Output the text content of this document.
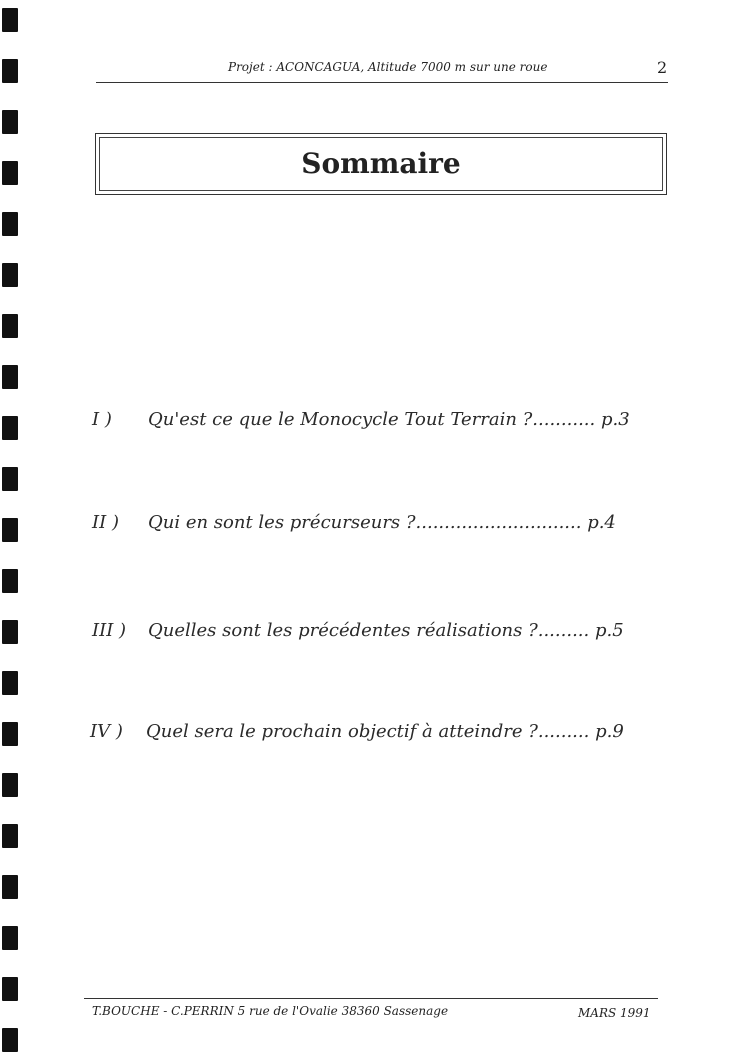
Projet : ACONCAGUA, Altitude 7000 m sur une roue	2
Sommaire
I ) Qu'est ce que le Monocycle Tout Terrain ?........... p.3
II ) Qui en sont les précurseurs ?............................. p.4
III ) Quelles sont les précédentes réalisations ?......... p.5
IV ) Quel sera le prochain objectif à atteindre ?......... p.9
T.BOUCHE - C.PERRIN 5 rue de l'Ovalie 38360 Sassenage	MARS 1991
